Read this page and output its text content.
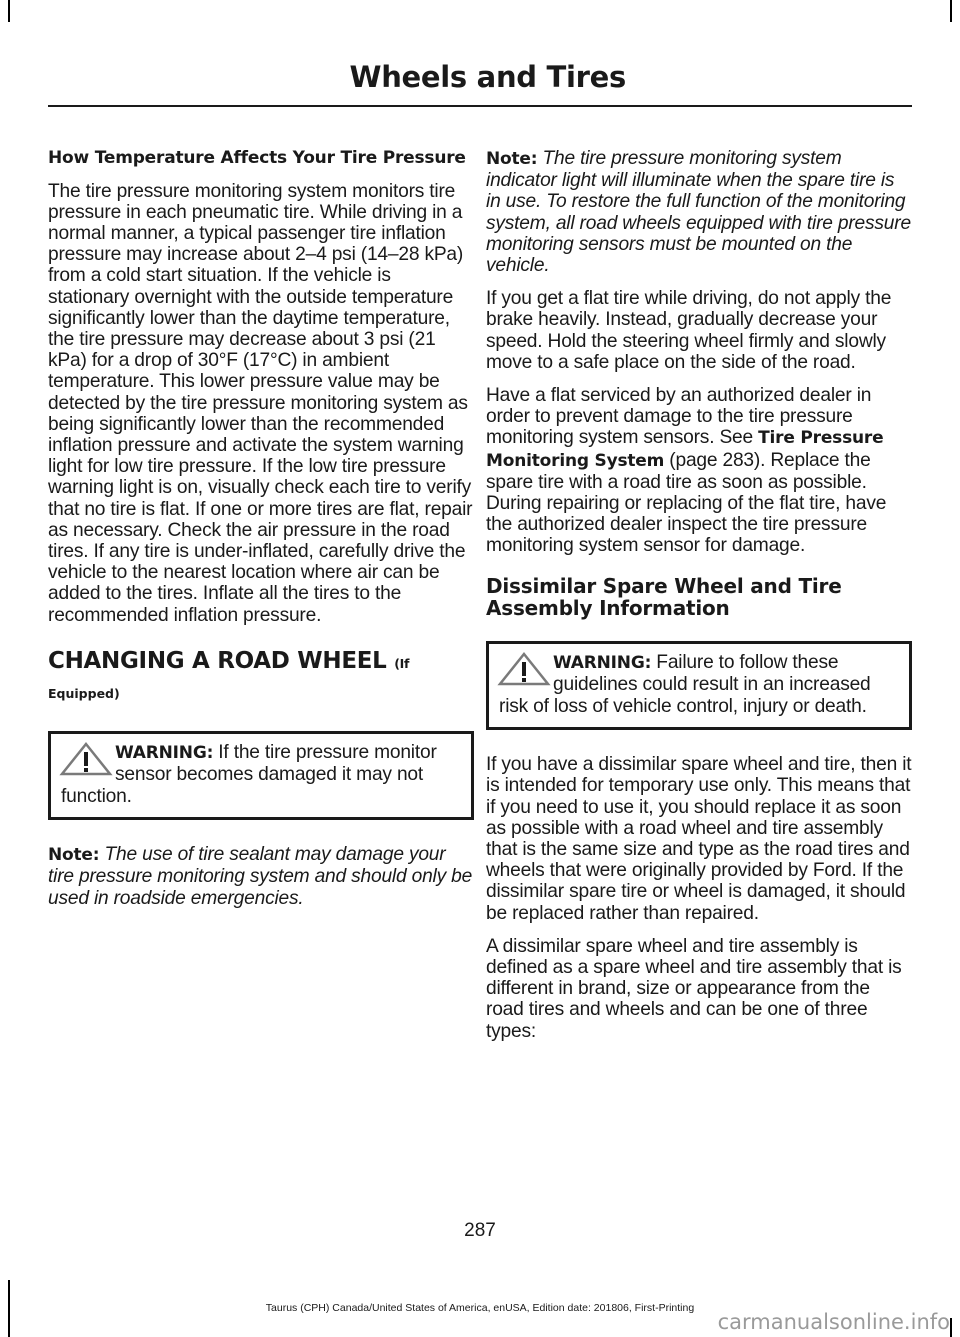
Wheels and Tires
How Temperature Affects Your Tire Pressure

The tire pressure monitoring system monitors tire pressure in each pneumatic tire. While driving in a normal manner, a typical passenger tire inflation pressure may increase about 2–4 psi (14–28 kPa) from a cold start situation. If the vehicle is stationary overnight with the outside temperature significantly lower than the daytime temperature, the tire pressure may decrease about 3 psi (21 kPa) for a drop of 30°F (17°C) in ambient temperature. This lower pressure value may be detected by the tire pressure monitoring system as being significantly lower than the recommended inflation pressure and activate the system warning light for low tire pressure. If the low tire pressure warning light is on, visually check each tire to verify that no tire is flat. If one or more tires are flat, repair as necessary. Check the air pressure in the road tires. If any tire is under-inflated, carefully drive the vehicle to the nearest location where air can be added to the tires. Inflate all the tires to the recommended inflation pressure.

CHANGING A ROAD WHEEL (If
Equipped)
WARNING: If the tire pressure monitor sensor becomes damaged it may not function.

Note: The use of tire sealant may damage your tire pressure monitoring system and should only be used in roadside emergencies.

Note: The tire pressure monitoring system indicator light will illuminate when the spare tire is in use. To restore the full function of the monitoring system, all road wheels equipped with tire pressure monitoring sensors must be mounted on the vehicle.

If you get a flat tire while driving, do not apply the brake heavily. Instead, gradually decrease your speed. Hold the steering wheel firmly and slowly move to a safe place on the side of the road.

Have a flat serviced by an authorized dealer in order to prevent damage to the tire pressure monitoring system sensors. See Tire Pressure Monitoring System (page 283). Replace the spare tire with a road tire as soon as possible. During repairing or replacing of the flat tire, have the authorized dealer inspect the tire pressure monitoring system sensor for damage.

Dissimilar Spare Wheel and Tire Assembly Information
WARNING: Failure to follow these guidelines could result in an increased risk of loss of vehicle control, injury or death.

If you have a dissimilar spare wheel and tire, then it is intended for temporary use only. This means that if you need to use it, you should replace it as soon as possible with a road wheel and tire assembly that is the same size and type as the road tires and wheels that were originally provided by Ford. If the dissimilar spare tire or wheel is damaged, it should be replaced rather than repaired.

A dissimilar spare wheel and tire assembly is defined as a spare wheel and tire assembly that is different in brand, size or appearance from the road tires and wheels and can be one of three types:

287
Taurus (CPH) Canada/United States of America, enUSA, Edition date: 201806, First-Printing
carmanualsonline.info
